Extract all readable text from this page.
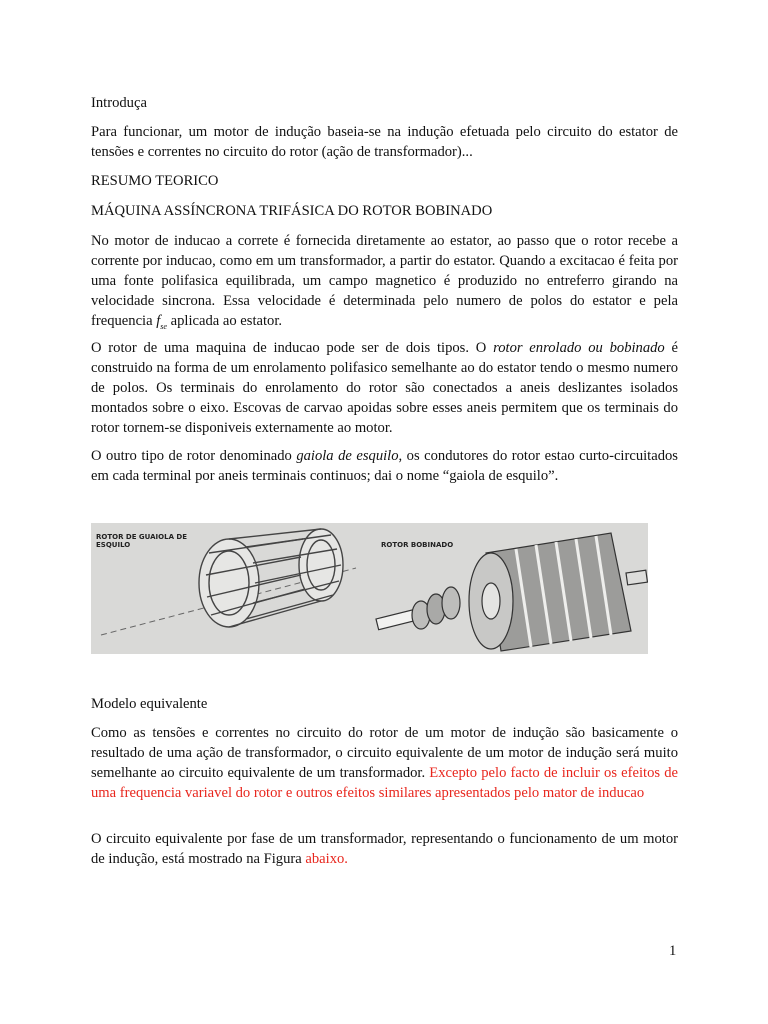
Introduça

Para funcionar, um motor de indução baseia-se na indução efetuada pelo circuito do estator de tensões e correntes no circuito do rotor (ação de transformador)...

RESUMO TEORICO

MÁQUINA ASSÍNCRONA TRIFÁSICA DO ROTOR BOBINADO

No motor de inducao a correte é fornecida diretamente ao estator, ao passo que o rotor recebe a corrente por inducao, como em um transformador, a partir do estator. Quando a excitacao é feita por uma fonte polifasica equilibrada, um campo magnetico é produzido no entreferro girando na velocidade sincrona. Essa velocidade é determinada pelo numero de polos do estator e pela frequencia $f_{se}$ aplicada ao estator.

O rotor de uma maquina de inducao pode ser de dois tipos. O rotor enrolado ou bobinado é construido na forma de um enrolamento polifasico semelhante ao do estator tendo o mesmo numero de polos. Os terminais do enrolamento do rotor são conectados a aneis deslizantes isolados montados sobre o eixo. Escovas de carvao apoidas sobre esses aneis permitem que os terminais do rotor tornem-se disponiveis externamente ao motor.

O outro tipo de rotor denominado gaiola de esquilo, os condutores do rotor estao curto-circuitados em cada terminal por aneis terminais continuos; dai o nome “gaiola de esquilo”.

Modelo equivalente

Como as tensões e correntes no circuito do rotor de um motor de indução são basicamente o resultado de uma ação de transformador, o circuito equivalente de um motor de indução será muito semelhante ao circuito equivalente de um transformador. Excepto pelo facto de incluir os efeitos de uma frequencia variavel do rotor e outros efeitos similares apresentados pelo mator de inducao

O circuito equivalente por fase de um transformador, representando o funcionamento de um motor de indução, está mostrado na Figura abaixo.

ROTOR DE GUAIOLA DE ESQUILO	ROTOR BOBINADO
1
